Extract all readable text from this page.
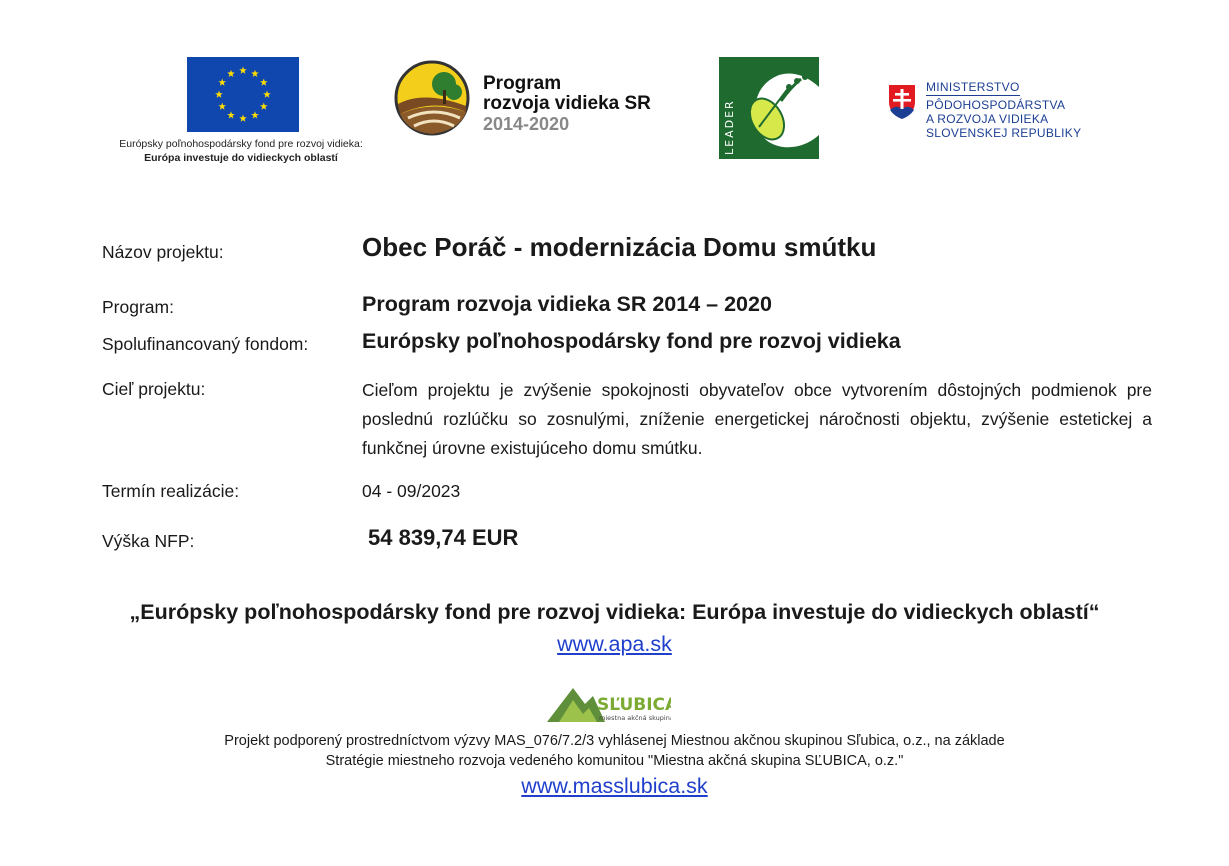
Európsky poľnohospodársky fond pre rozvoj vidieka:
Európa investuje do vidieckych oblastí
Program
rozvoja vidieka SR
2014-2020	LEADER
MINISTERSTVO
PÔDOHOSPODÁRSTVA
A ROZVOJA VIDIEKA
SLOVENSKEJ REPUBLIKY
Názov projektu:	Obec Poráč - modernizácia Domu smútku
Program:	Program rozvoja vidieka SR 2014 – 2020
Spolufinancovaný fondom:	Európsky poľnohospodársky fond pre rozvoj vidieka
Cieľ projektu:	Cieľom projektu je zvýšenie spokojnosti obyvateľov obce vytvorením dôstojných podmienok pre poslednú rozlúčku so zosnulými, zníženie energetickej náročnosti objektu, zvýšenie estetickej a funkčnej úrovne existujúceho domu smútku.
Termín realizácie:	04 - 09/2023
Výška NFP:	54 839,74 EUR
„Európsky poľnohospodársky fond pre rozvoj vidieka: Európa investuje do vidieckych oblastí“
www.apa.sk
SĽUBICA
miestna akčná skupina
Projekt podporený prostredníctvom výzvy MAS_076/7.2/3 vyhlásenej Miestnou akčnou skupinou Sľubica, o.z., na základe
Stratégie miestneho rozvoja vedeného komunitou "Miestna akčná skupina SĽUBICA, o.z."
www.masslubica.sk
